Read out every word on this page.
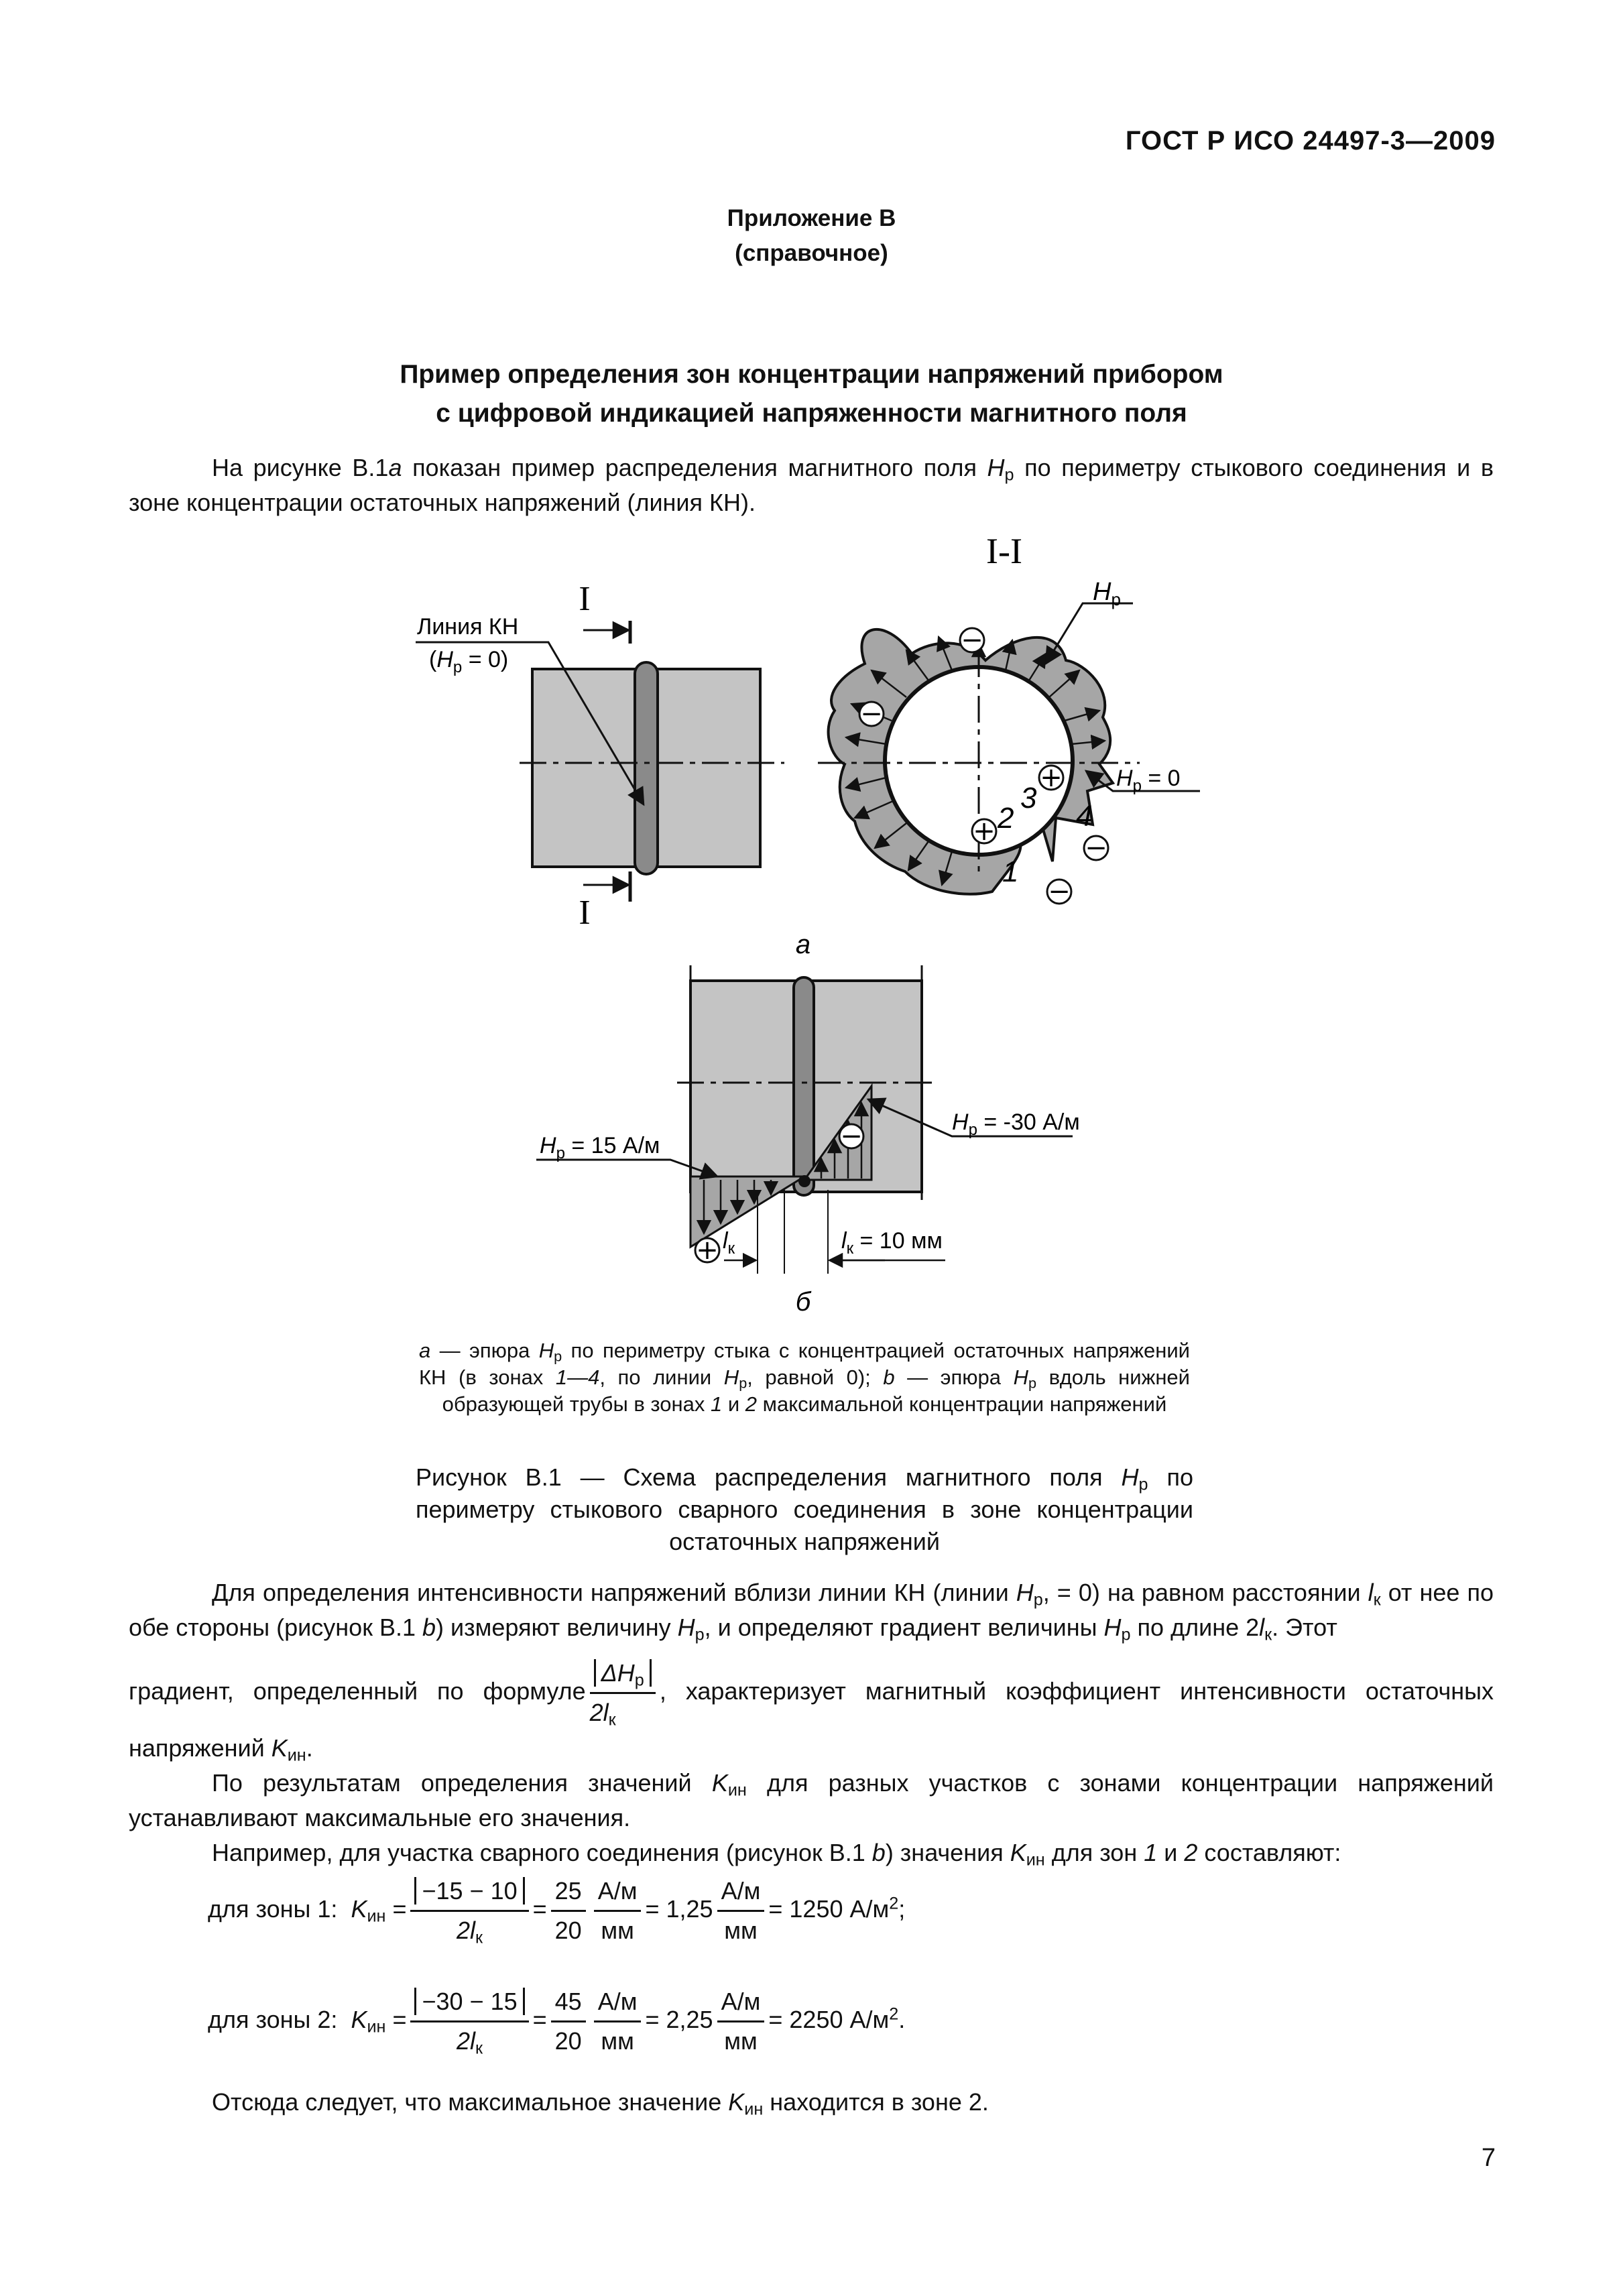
ГОСТ Р ИСО 24497-3—2009
Приложение В
(справочное)
Пример определения зон концентрации напряжений прибором
с цифровой индикацией напряженности магнитного поля
На рисунке В.1а показан пример распределения магнитного поля $H_р$ по периметру стыкового соединения и в зоне концентрации остаточных напряжений (линия КН).
I
I
Линия КН
$(H_р = 0)$
I-I
−
−
+
+
−
−
1
2
3
4
$H_р$
$H_р = 0$
а
−
+
$H_р = 15$ А/м
$H_р = -30$ А/м
$l_к$	$l_к = 10$ мм
б
а — эпюра $H_р$ по периметру стыка с концентрацией остаточных напряжений КН (в зонах 1—4, по линии $H_р$, равной 0); b — эпюра $H_р$ вдоль нижней образующей трубы в зонах 1 и 2 максимальной концентрации напряжений
Рисунок В.1 — Схема распределения магнитного поля $H_р$ по периметру стыкового сварного соединения в зоне концентрации остаточных напряжений
Для определения интенсивности напряжений вблизи линии КН (линии $H_р$, = 0) на равном расстоянии $l_к$ от нее по обе стороны (рисунок В.1 b) измеряют величину $H_р$, и определяют градиент величины $H_р$ по длине $2l_к$. Этот
градиент, определенный по формуле $\frac{\Delta H_р}{2l_к}$ , характеризует магнитный коэффициент интенсивности остаточных
напряжений $K_{ин}$.
По результатам определения значений $K_{ин}$ для разных участков с зонами концентрации напряжений устанавливают максимальные его значения.
Например, для участка сварного соединения (рисунок В.1 b) значения $K_{ин}$ для зон 1 и 2 составляют:
для зоны 1: $K_{ин} = \frac{-15 - 10}{2l_к} = \frac{25}{20} \frac{А/м}{мм} = 1,25 \frac{А/м}{мм} = 1250$ $А/м^2$;
для зоны 2: $K_{ин} = \frac{-30 - 15}{2l_к} = \frac{45}{20} \frac{А/м}{мм} = 2,25 \frac{А/м}{мм} = 2250$ $А/м^2$.
Отсюда следует, что максимальное значение $K_{ин}$ находится в зоне 2.
7
